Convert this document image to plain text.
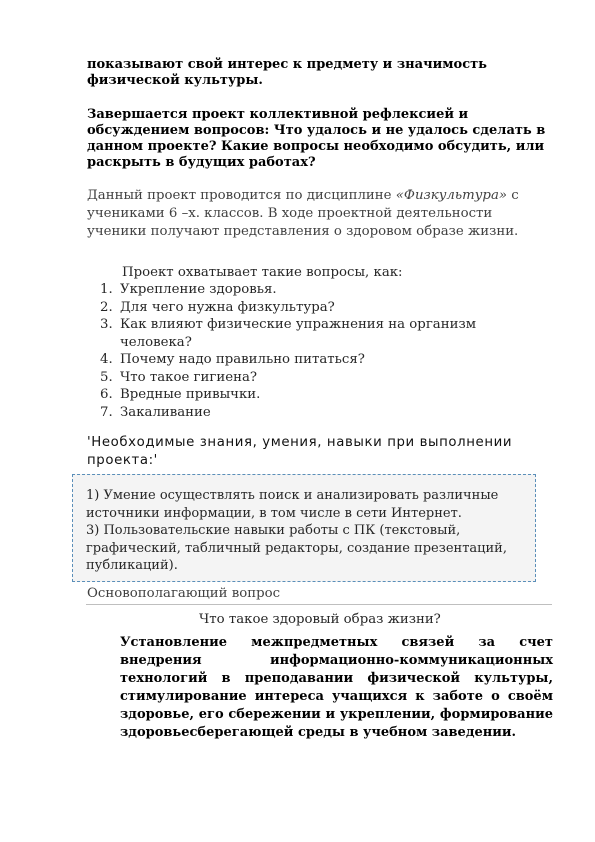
показывают свой интерес к предмету и значимость физической культуры.
Завершается проект коллективной рефлексией и обсуждением вопросов: Что удалось и не удалось сделать в данном проекте? Какие вопросы необходимо обсудить, или раскрыть в будущих работах?
Данный проект проводится по дисциплине «Физкультура» с учениками 6 –х. классов. В ходе проектной деятельности ученики получают представления о здоровом образе жизни.
Проект охватывает такие вопросы, как:
1. Укрепление здоровья.
2. Для чего нужна физкультура?
3. Как влияют физические упражнения на организм человека?
4. Почему надо правильно питаться?
5. Что такое гигиена?
6. Вредные привычки.
7. Закаливание
'Необходимые знания, умения, навыки при выполнении проекта:'
1) Умение осуществлять поиск и анализировать различные источники информации, в том числе в сети Интернет.
3) Пользовательские навыки работы с ПК (текстовый, графический, табличный редакторы, создание презентаций, публикаций).
Основополагающий вопрос
Что такое здоровый образ жизни?
Установление межпредметных связей за счет внедрения информационно-коммуникационных технологий в преподавании физической культуры, стимулирование интереса учащихся к заботе о своём здоровье, его сбережении и укреплении, формирование здоровьесберегающей среды в учебном заведении.
